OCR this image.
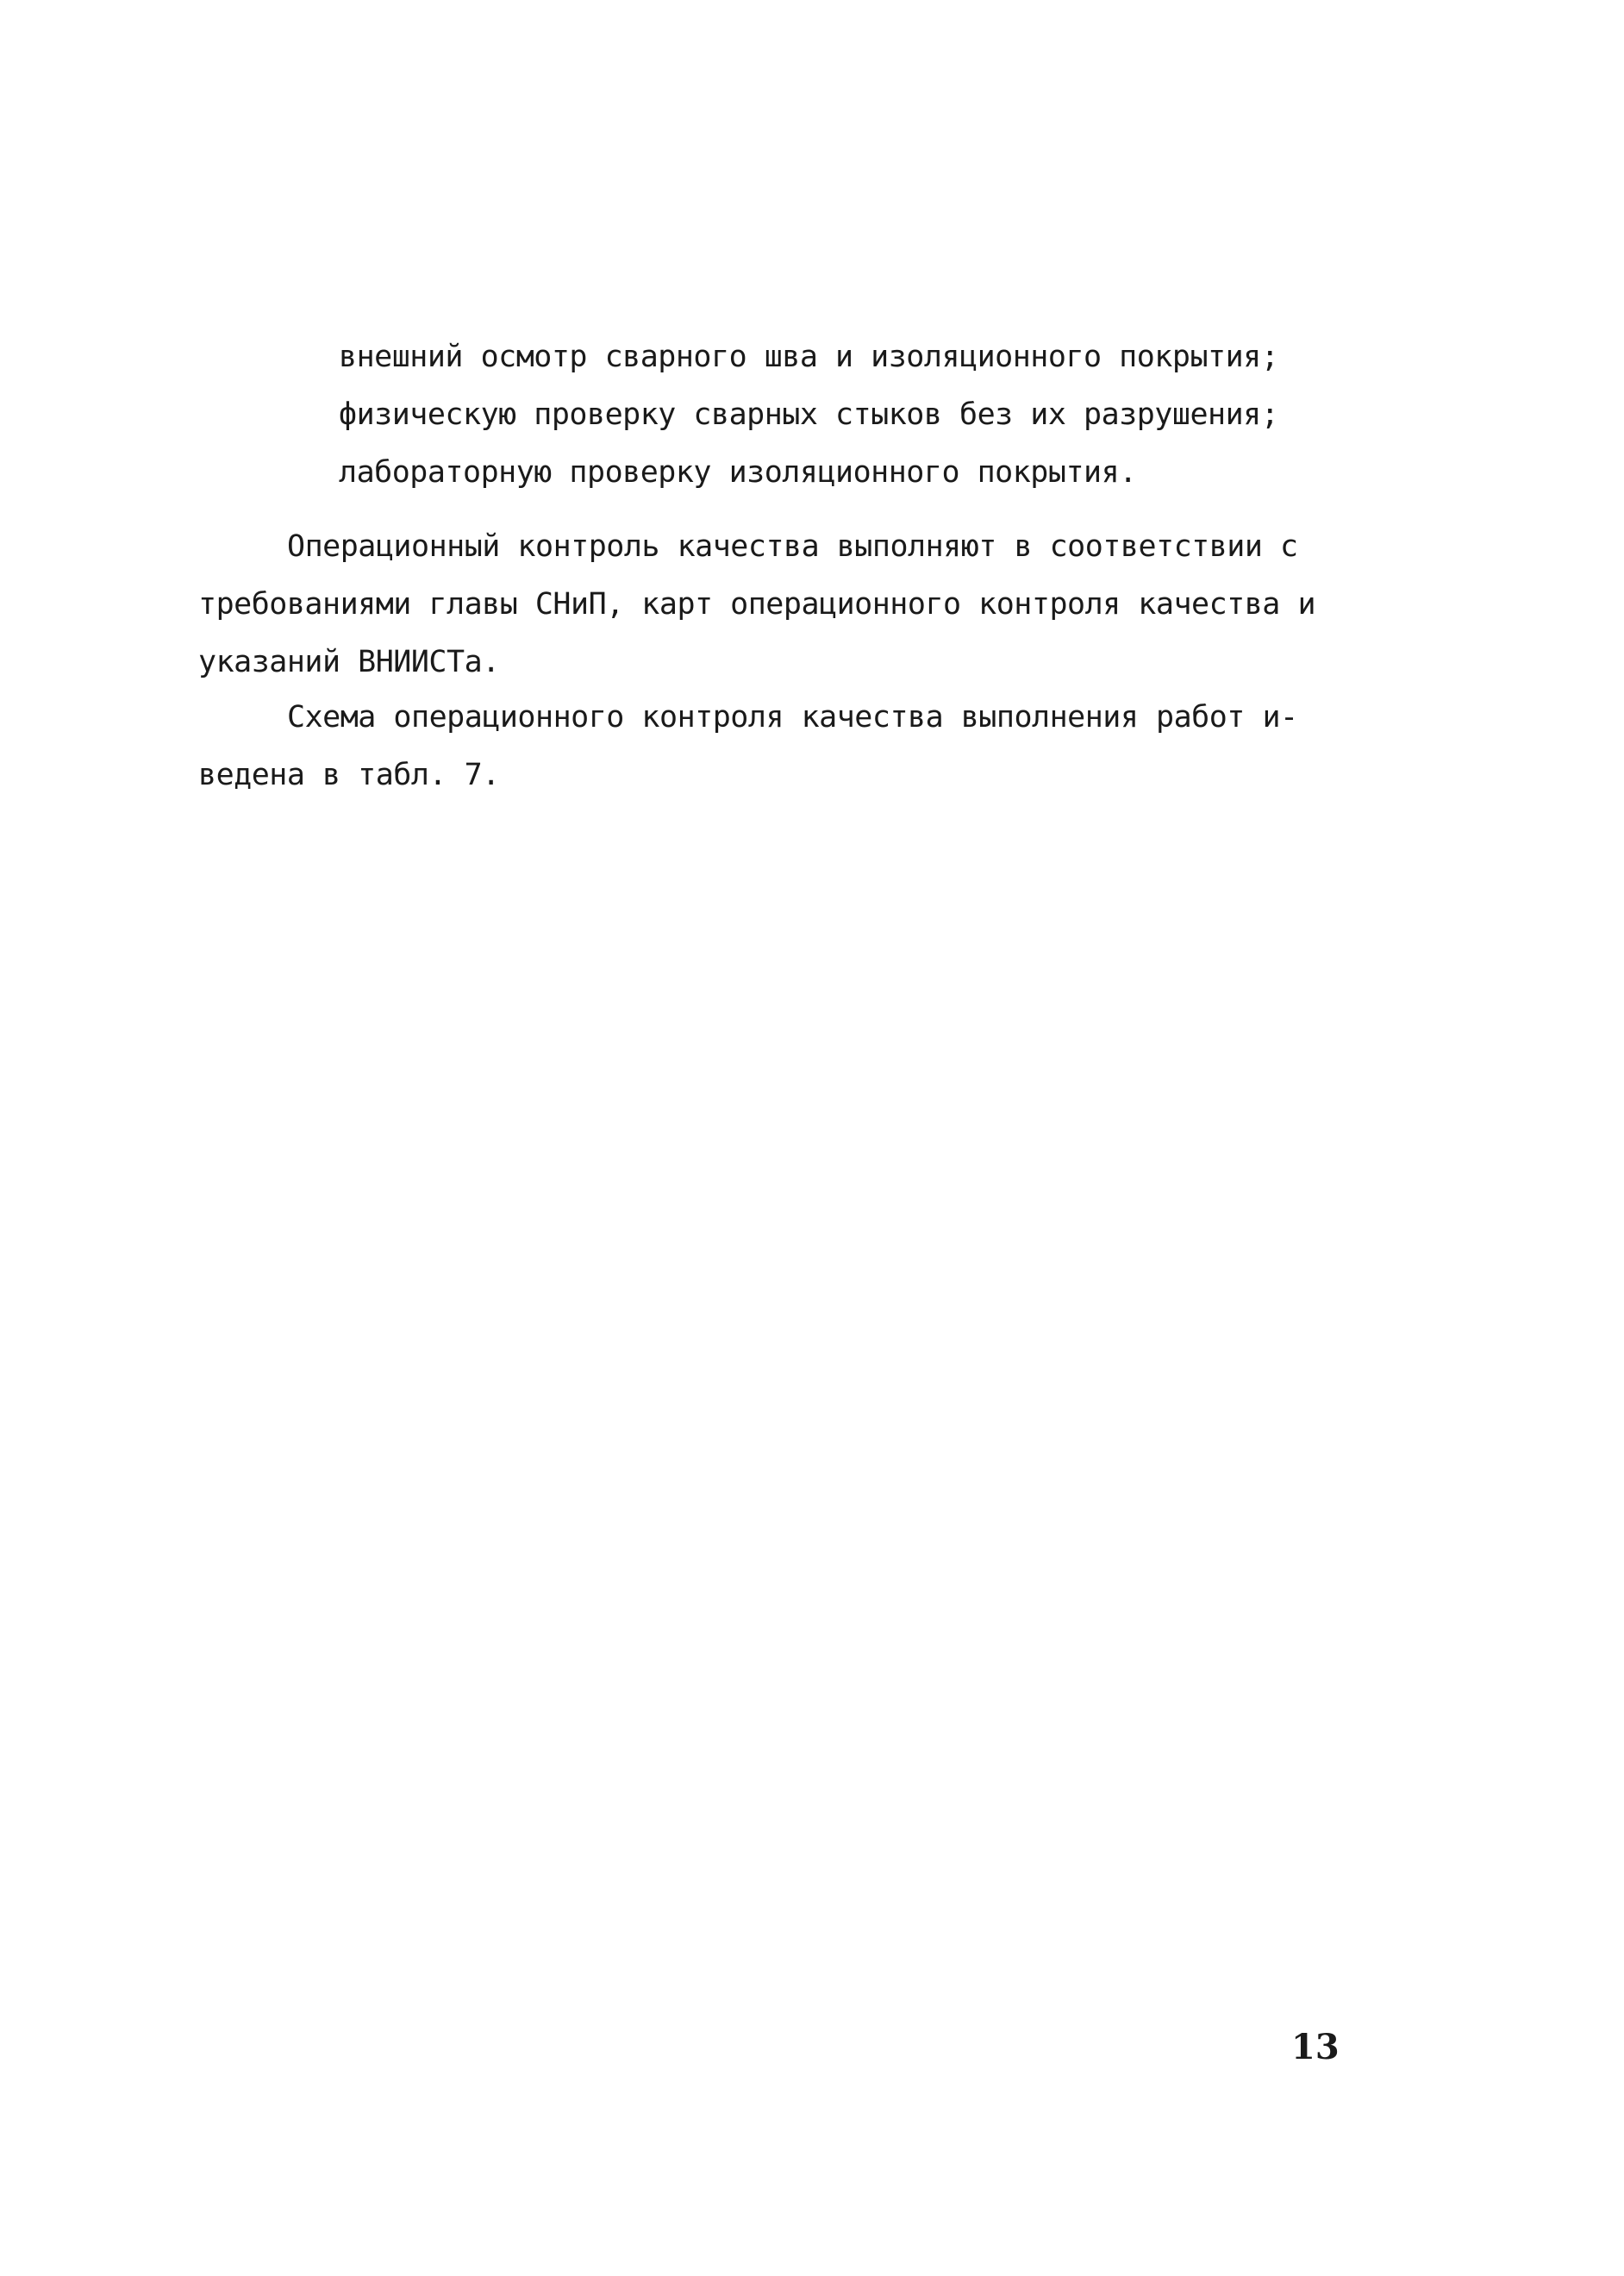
внешний осмотр сварного шва и изоляционного покрытия;
физическую проверку сварных стыков без их разрушения;
лабораторную проверку изоляционного покрытия.
Операционный контроль качества выполняют в соответствии с
требованиями главы СНиП, карт операционного контроля качества и
указаний ВНИИСТа.
Схема операционного контроля качества выполнения работ и-
ведена в табл. 7.
13
